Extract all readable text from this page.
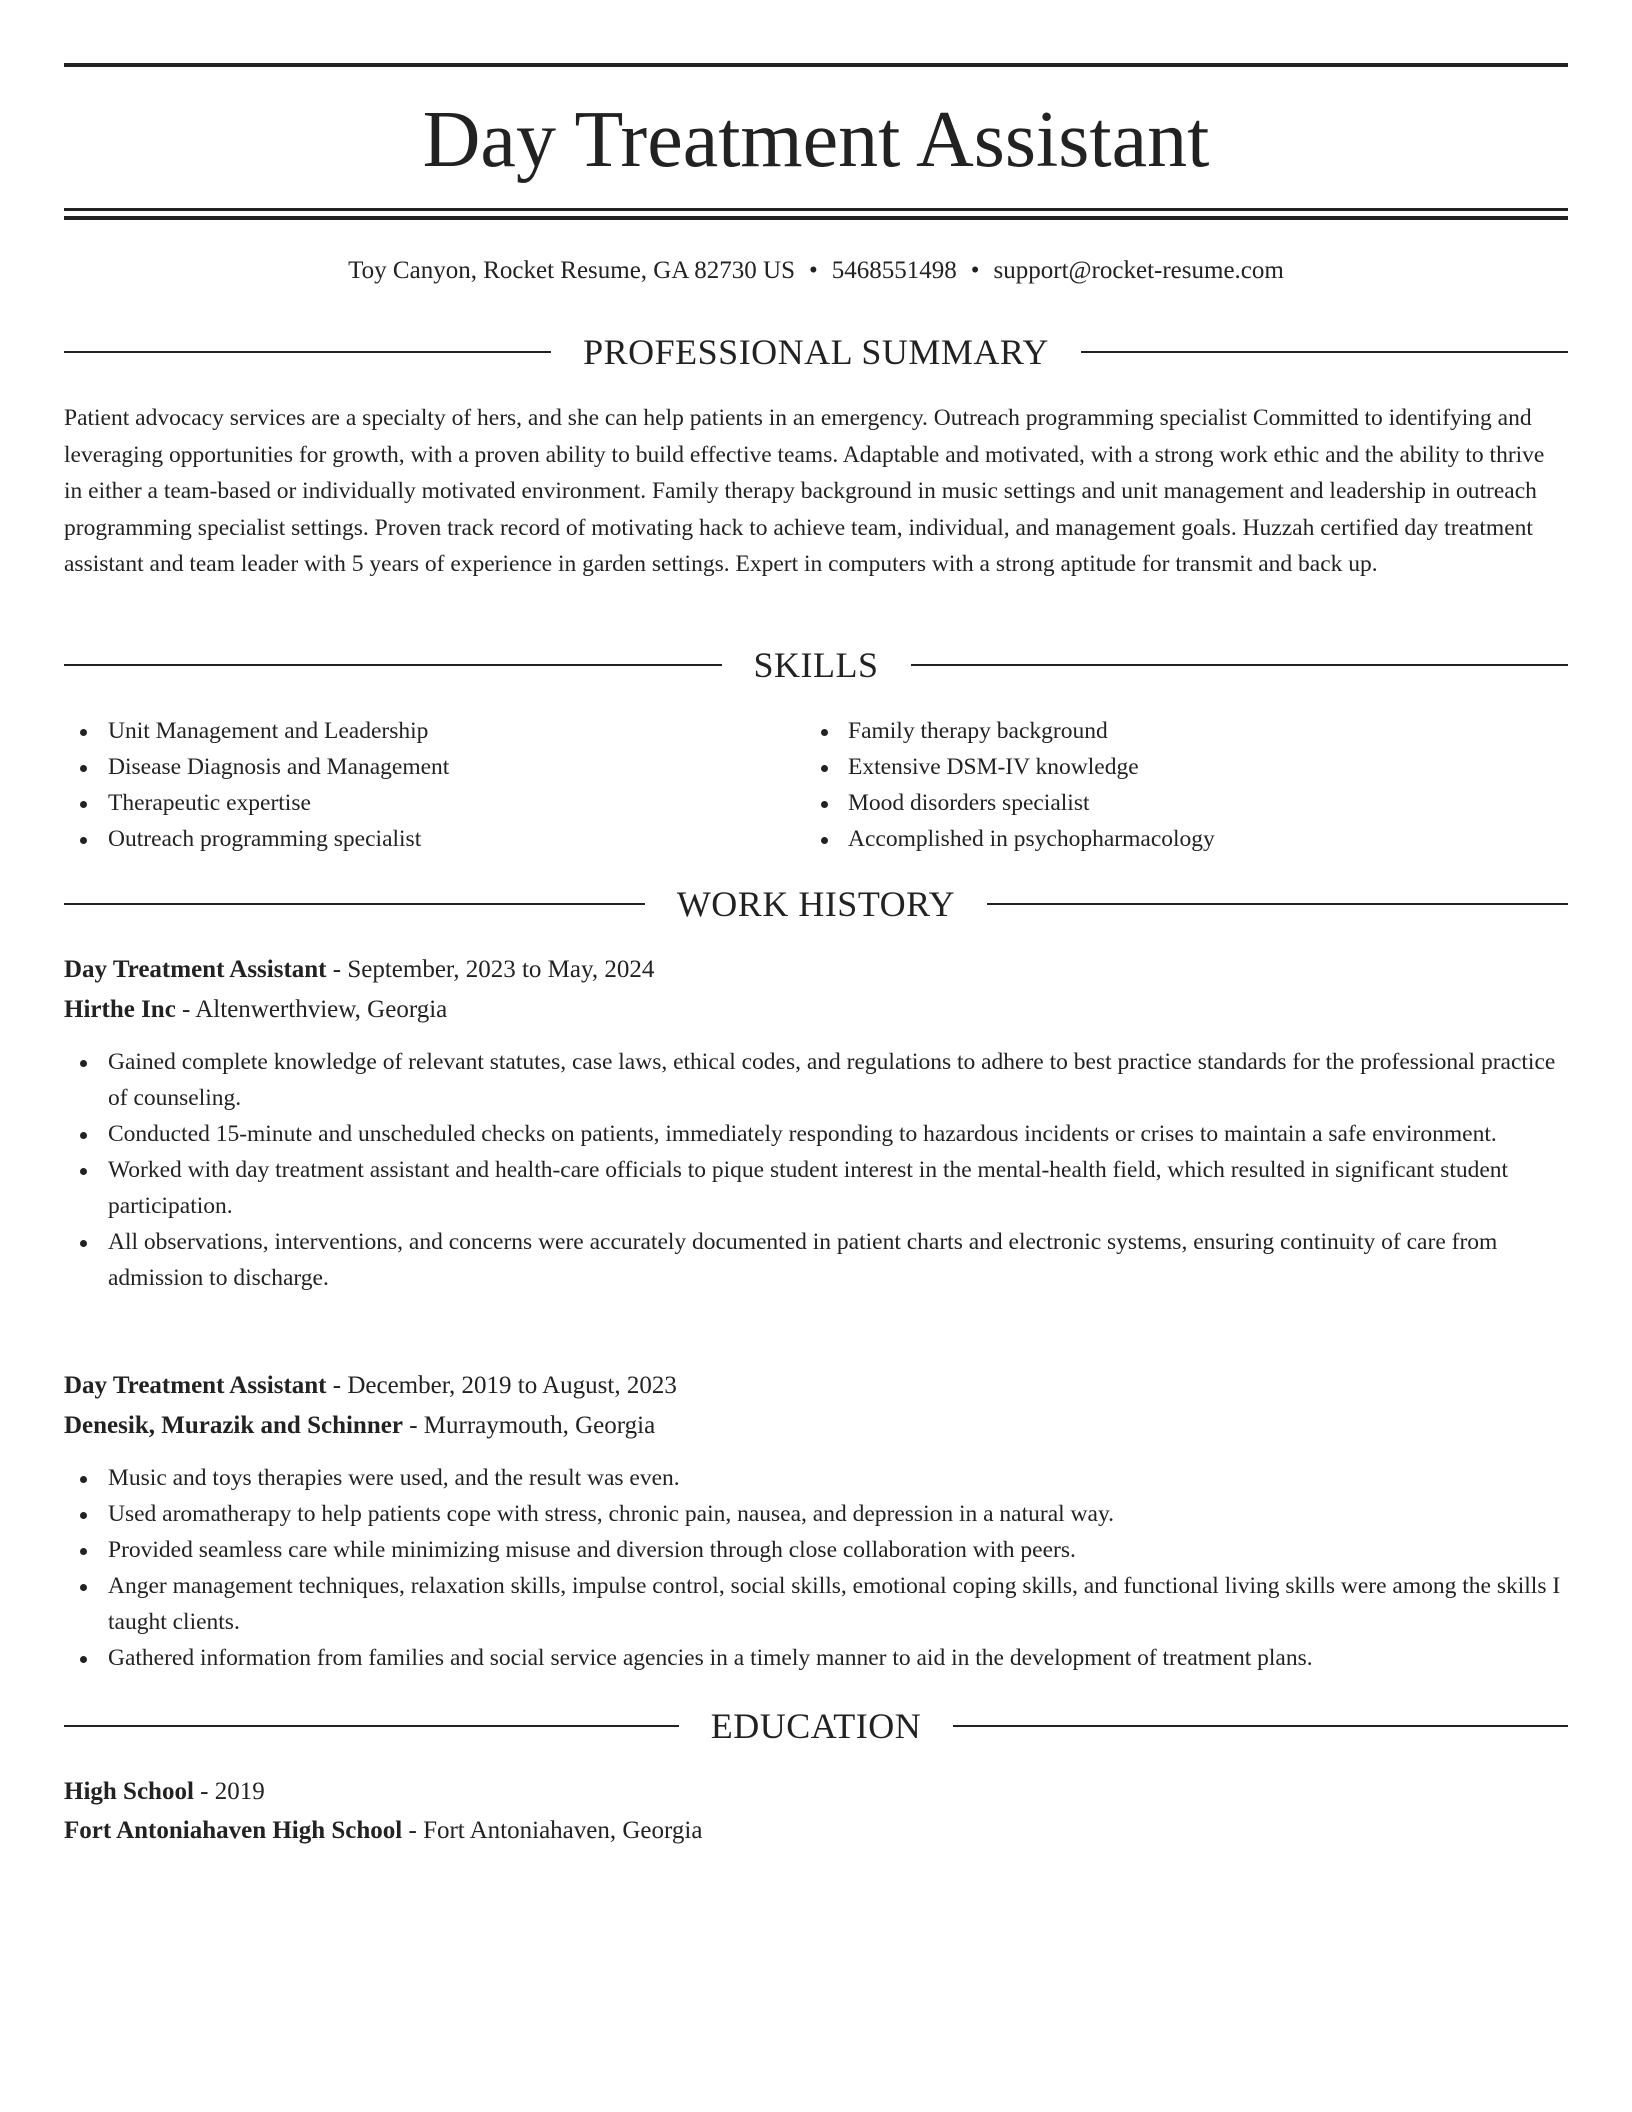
Day Treatment Assistant
Toy Canyon, Rocket Resume, GA 82730 US • 5468551498 • support@rocket-resume.com
PROFESSIONAL SUMMARY

Patient advocacy services are a specialty of hers, and she can help patients in an emergency. Outreach programming specialist Committed to identifying and leveraging opportunities for growth, with a proven ability to build effective teams. Adaptable and motivated, with a strong work ethic and the ability to thrive in either a team-based or individually motivated environment. Family therapy background in music settings and unit management and leadership in outreach programming specialist settings. Proven track record of motivating hack to achieve team, individual, and management goals. Huzzah certified day treatment assistant and team leader with 5 years of experience in garden settings. Expert in computers with a strong aptitude for transmit and back up.

SKILLS
Unit Management and Leadership
Disease Diagnosis and Management
Therapeutic expertise
Outreach programming specialist
Family therapy background
Extensive DSM-IV knowledge
Mood disorders specialist
Accomplished in psychopharmacology
WORK HISTORY
Day Treatment Assistant - September, 2023 to May, 2024
Hirthe Inc - Altenwerthview, Georgia
Gained complete knowledge of relevant statutes, case laws, ethical codes, and regulations to adhere to best practice standards for the professional practice of counseling.
Conducted 15-minute and unscheduled checks on patients, immediately responding to hazardous incidents or crises to maintain a safe environment.
Worked with day treatment assistant and health-care officials to pique student interest in the mental-health field, which resulted in significant student participation.
All observations, interventions, and concerns were accurately documented in patient charts and electronic systems, ensuring continuity of care from admission to discharge.
Day Treatment Assistant - December, 2019 to August, 2023
Denesik, Murazik and Schinner - Murraymouth, Georgia
Music and toys therapies were used, and the result was even.
Used aromatherapy to help patients cope with stress, chronic pain, nausea, and depression in a natural way.
Provided seamless care while minimizing misuse and diversion through close collaboration with peers.
Anger management techniques, relaxation skills, impulse control, social skills, emotional coping skills, and functional living skills were among the skills I taught clients.
Gathered information from families and social service agencies in a timely manner to aid in the development of treatment plans.
EDUCATION
High School - 2019
Fort Antoniahaven High School - Fort Antoniahaven, Georgia
